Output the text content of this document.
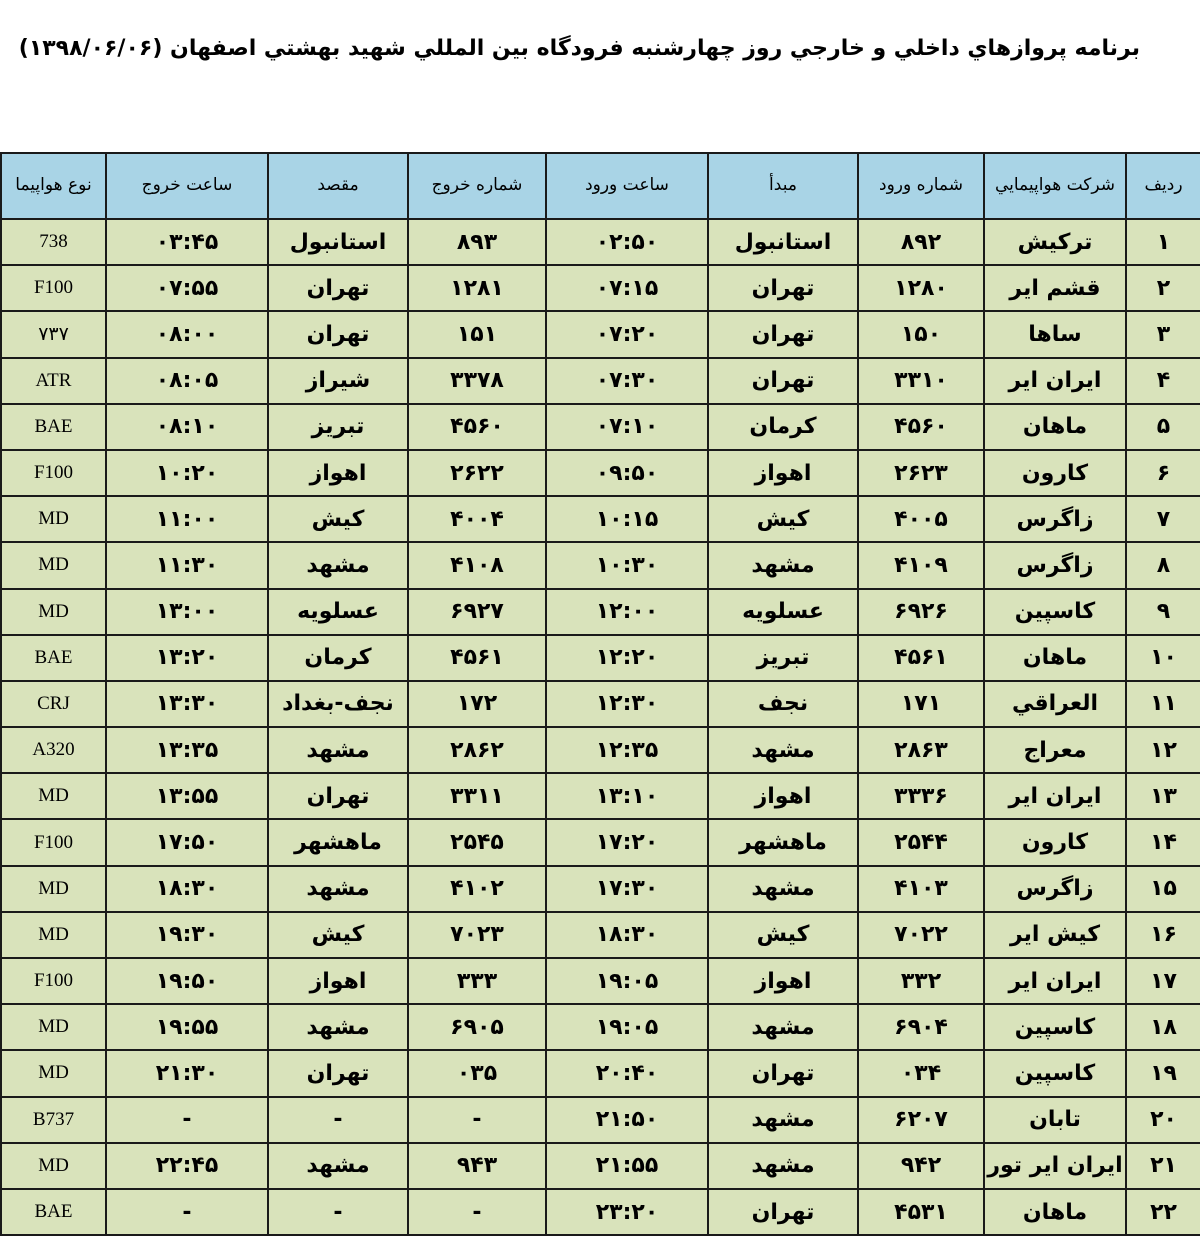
برنامه پروازهاي داخلي و خارجي روز چهارشنبه فرودگاه بين المللي شهيد بهشتي اصفهان (۱۳۹۸/۰۶/۰۶)
رديف	شركت هواپيمايي	شماره ورود	مبدأ	ساعت ورود	شماره خروج	مقصد	ساعت خروج	نوع هواپيما
۱	تركيش	۸۹۲	استانبول	۰۲:۵۰	۸۹۳	استانبول	۰۳:۴۵	738
۲	قشم اير	۱۲۸۰	تهران	۰۷:۱۵	۱۲۸۱	تهران	۰۷:۵۵	F100
۳	ساها	۱۵۰	تهران	۰۷:۲۰	۱۵۱	تهران	۰۸:۰۰	۷۳۷
۴	ايران اير	۳۳۱۰	تهران	۰۷:۳۰	۳۳۷۸	شيراز	۰۸:۰۵	ATR
۵	ماهان	۴۵۶۰	كرمان	۰۷:۱۰	۴۵۶۰	تبريز	۰۸:۱۰	BAE
۶	كارون	۲۶۲۳	اهواز	۰۹:۵۰	۲۶۲۲	اهواز	۱۰:۲۰	F100
۷	زاگرس	۴۰۰۵	كيش	۱۰:۱۵	۴۰۰۴	كيش	۱۱:۰۰	MD
۸	زاگرس	۴۱۰۹	مشهد	۱۰:۳۰	۴۱۰۸	مشهد	۱۱:۳۰	MD
۹	كاسپين	۶۹۲۶	عسلويه	۱۲:۰۰	۶۹۲۷	عسلويه	۱۳:۰۰	MD
۱۰	ماهان	۴۵۶۱	تبريز	۱۲:۲۰	۴۵۶۱	كرمان	۱۳:۲۰	BAE
۱۱	العراقي	۱۷۱	نجف	۱۲:۳۰	۱۷۲	نجف-بغداد	۱۳:۳۰	CRJ
۱۲	معراج	۲۸۶۳	مشهد	۱۲:۳۵	۲۸۶۲	مشهد	۱۳:۳۵	A320
۱۳	ايران اير	۳۳۳۶	اهواز	۱۳:۱۰	۳۳۱۱	تهران	۱۳:۵۵	MD
۱۴	كارون	۲۵۴۴	ماهشهر	۱۷:۲۰	۲۵۴۵	ماهشهر	۱۷:۵۰	F100
۱۵	زاگرس	۴۱۰۳	مشهد	۱۷:۳۰	۴۱۰۲	مشهد	۱۸:۳۰	MD
۱۶	كيش اير	۷۰۲۲	كيش	۱۸:۳۰	۷۰۲۳	كيش	۱۹:۳۰	MD
۱۷	ايران اير	۳۳۲	اهواز	۱۹:۰۵	۳۳۳	اهواز	۱۹:۵۰	F100
۱۸	كاسپين	۶۹۰۴	مشهد	۱۹:۰۵	۶۹۰۵	مشهد	۱۹:۵۵	MD
۱۹	كاسپين	۰۳۴	تهران	۲۰:۴۰	۰۳۵	تهران	۲۱:۳۰	MD
۲۰	تابان	۶۲۰۷	مشهد	۲۱:۵۰	-	-	-	B737
۲۱	ايران اير تور	۹۴۲	مشهد	۲۱:۵۵	۹۴۳	مشهد	۲۲:۴۵	MD
۲۲	ماهان	۴۵۳۱	تهران	۲۳:۲۰	-	-	-	BAE
